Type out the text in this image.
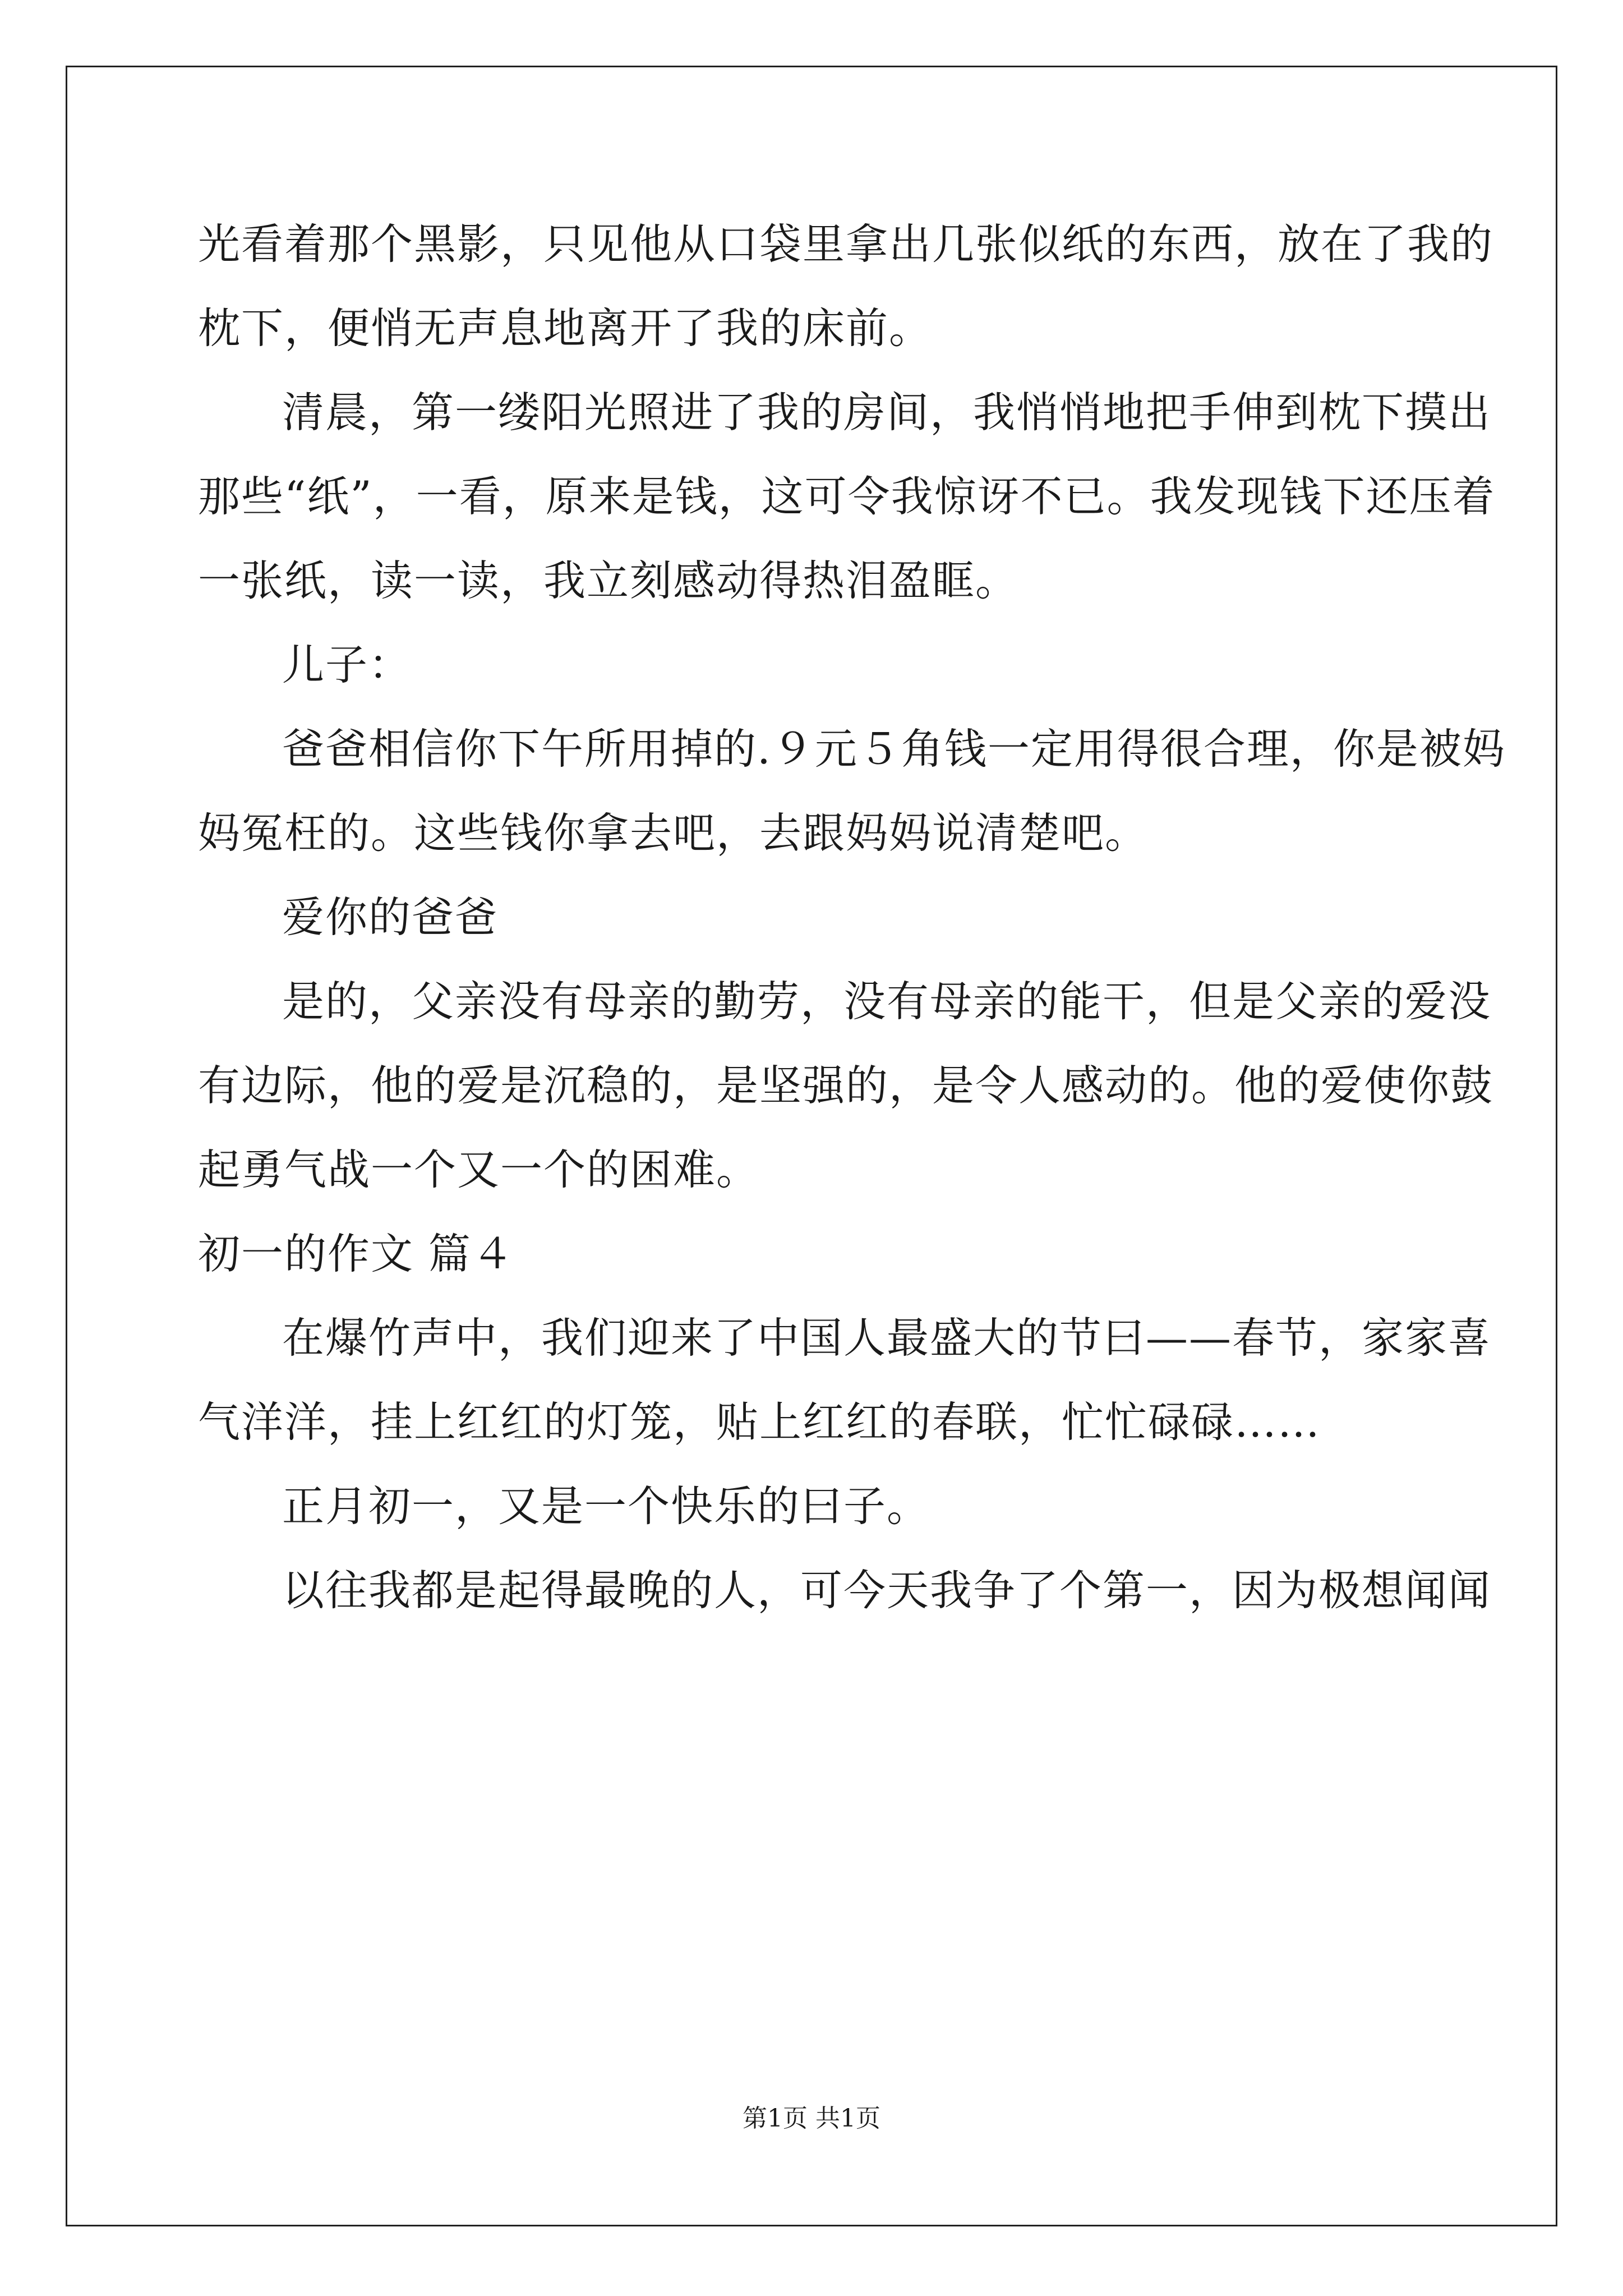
光看着那个黑影，只见他从口袋里拿出几张似纸的东西，放在了我的
枕下，便悄无声息地离开了我的床前。
清晨，第一缕阳光照进了我的房间，我悄悄地把手伸到枕下摸出
那些“纸”，一看，原来是钱，这可令我惊讶不已。我发现钱下还压着
一张纸，读一读，我立刻感动得热泪盈眶。
儿子：
爸爸相信你下午所用掉的.９元５角钱一定用得很合理，你是被妈
妈冤枉的。这些钱你拿去吧，去跟妈妈说清楚吧。
爱你的爸爸
是的，父亲没有母亲的勤劳，没有母亲的能干，但是父亲的爱没
有边际，他的爱是沉稳的，是坚强的，是令人感动的。他的爱使你鼓
起勇气战一个又一个的困难。
初一的作文 篇４
在爆竹声中，我们迎来了中国人最盛大的节曰——春节，家家喜
气洋洋，挂上红红的灯笼，贴上红红的春联，忙忙碌碌……
正月初一，又是一个快乐的曰子。
以往我都是起得最晚的人，可今天我争了个第一，因为极想闻闻
第1页 共1页
